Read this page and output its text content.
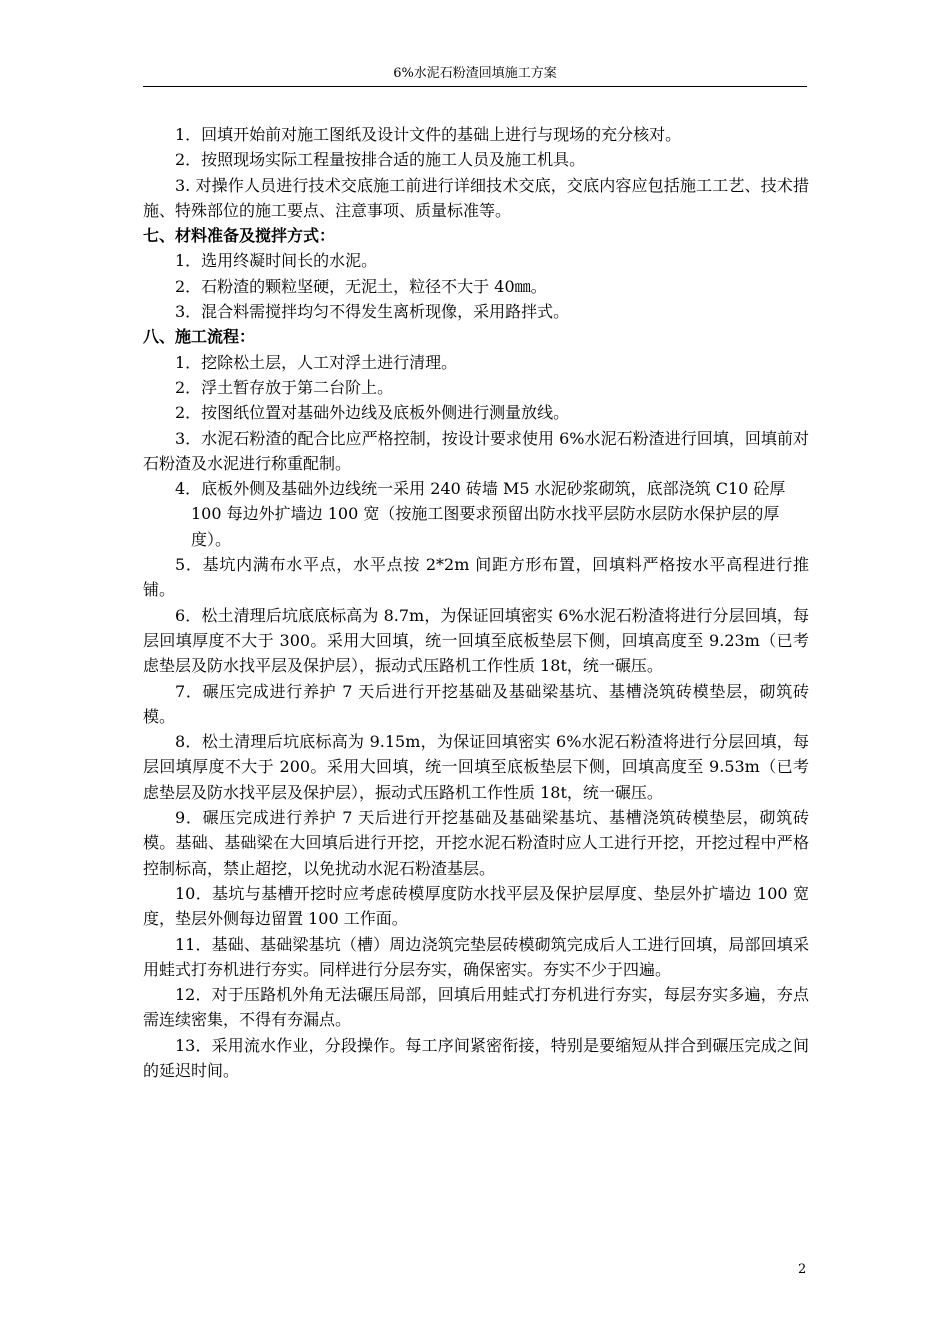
6%水泥石粉渣回填施工方案

1．回填开始前对施工图纸及设计文件的基础上进行与现场的充分核对。

2．按照现场实际工程量按排合适的施工人员及施工机具。

3. 对操作人员进行技术交底施工前进行详细技术交底，交底内容应包括施工工艺、技术措施、特殊部位的施工要点、注意事项、质量标准等。

七、材料准备及搅拌方式：

1．选用终凝时间长的水泥。

2．石粉渣的颗粒坚硬，无泥土，粒径不大于 40㎜。

3．混合料需搅拌均匀不得发生离析现像，采用路拌式。

八、施工流程：

1．挖除松土层，人工对浮土进行清理。

2．浮土暂存放于第二台阶上。

2．按图纸位置对基础外边线及底板外侧进行测量放线。

3．水泥石粉渣的配合比应严格控制，按设计要求使用 6%水泥石粉渣进行回填，回填前对石粉渣及水泥进行称重配制。

4．底板外侧及基础外边线统一采用 240 砖墙 M5 水泥砂浆砌筑，底部浇筑 C10 砼厚 100 每边外扩墙边 100 宽（按施工图要求预留出防水找平层防水层防水保护层的厚度）。

5．基坑内满布水平点，水平点按 2*2m 间距方形布置，回填料严格按水平高程进行推铺。

6．松土清理后坑底底标高为 8.7m，为保证回填密实 6%水泥石粉渣将进行分层回填，每层回填厚度不大于 300。采用大回填，统一回填至底板垫层下侧，回填高度至 9.23m（已考虑垫层及防水找平层及保护层），振动式压路机工作性质 18t，统一碾压。

7．碾压完成进行养护 7 天后进行开挖基础及基础梁基坑、基槽浇筑砖模垫层，砌筑砖模。

8．松土清理后坑底标高为 9.15m，为保证回填密实 6%水泥石粉渣将进行分层回填，每层回填厚度不大于 200。采用大回填，统一回填至底板垫层下侧，回填高度至 9.53m（已考虑垫层及防水找平层及保护层），振动式压路机工作性质 18t，统一碾压。

9．碾压完成进行养护 7 天后进行开挖基础及基础梁基坑、基槽浇筑砖模垫层，砌筑砖模。基础、基础梁在大回填后进行开挖，开挖水泥石粉渣时应人工进行开挖，开挖过程中严格控制标高，禁止超挖，以免扰动水泥石粉渣基层。

10．基坑与基槽开挖时应考虑砖模厚度防水找平层及保护层厚度、垫层外扩墙边 100 宽度，垫层外侧每边留置 100 工作面。

11．基础、基础梁基坑（槽）周边浇筑完垫层砖模砌筑完成后人工进行回填，局部回填采用蛙式打夯机进行夯实。同样进行分层夯实，确保密实。夯实不少于四遍。

12．对于压路机外角无法碾压局部，回填后用蛙式打夯机进行夯实，每层夯实多遍，夯点需连续密集，不得有夯漏点。

13．采用流水作业，分段操作。每工序间紧密衔接，特别是要缩短从拌合到碾压完成之间的延迟时间。

2
